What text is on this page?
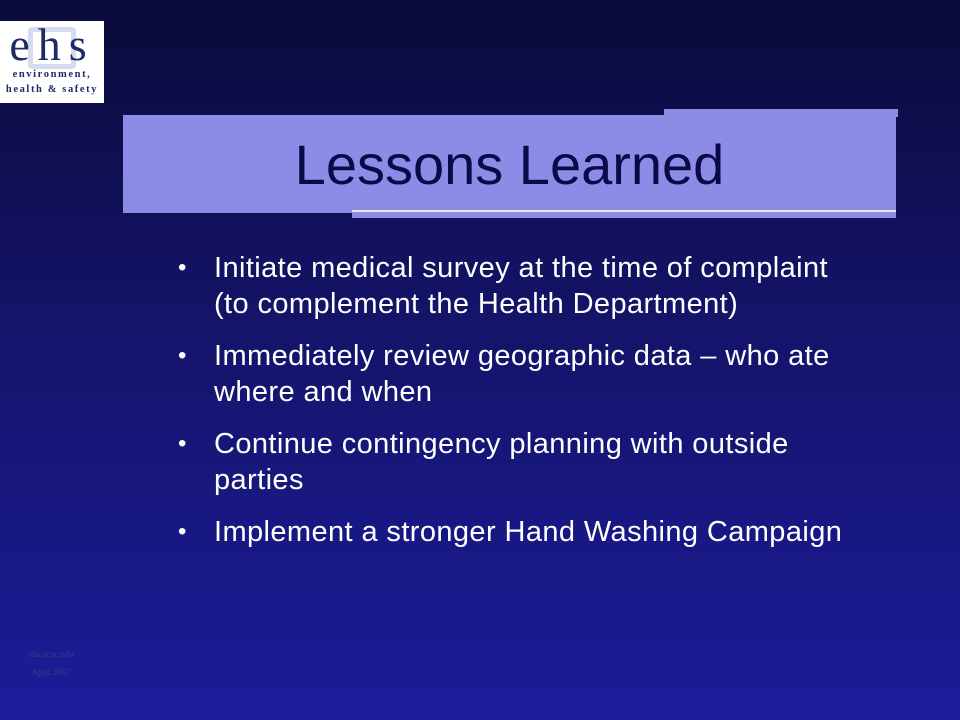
ehs
environment,
health & safety
Lessons Learned
• Initiate medical survey at the time of complaint (to complement the Health Department)
• Immediately review geographic data – who ate where and when
• Continue contingency planning with outside parties
• Implement a stronger Hand Washing Campaign
ehs.ucsc.edu
April 2007
